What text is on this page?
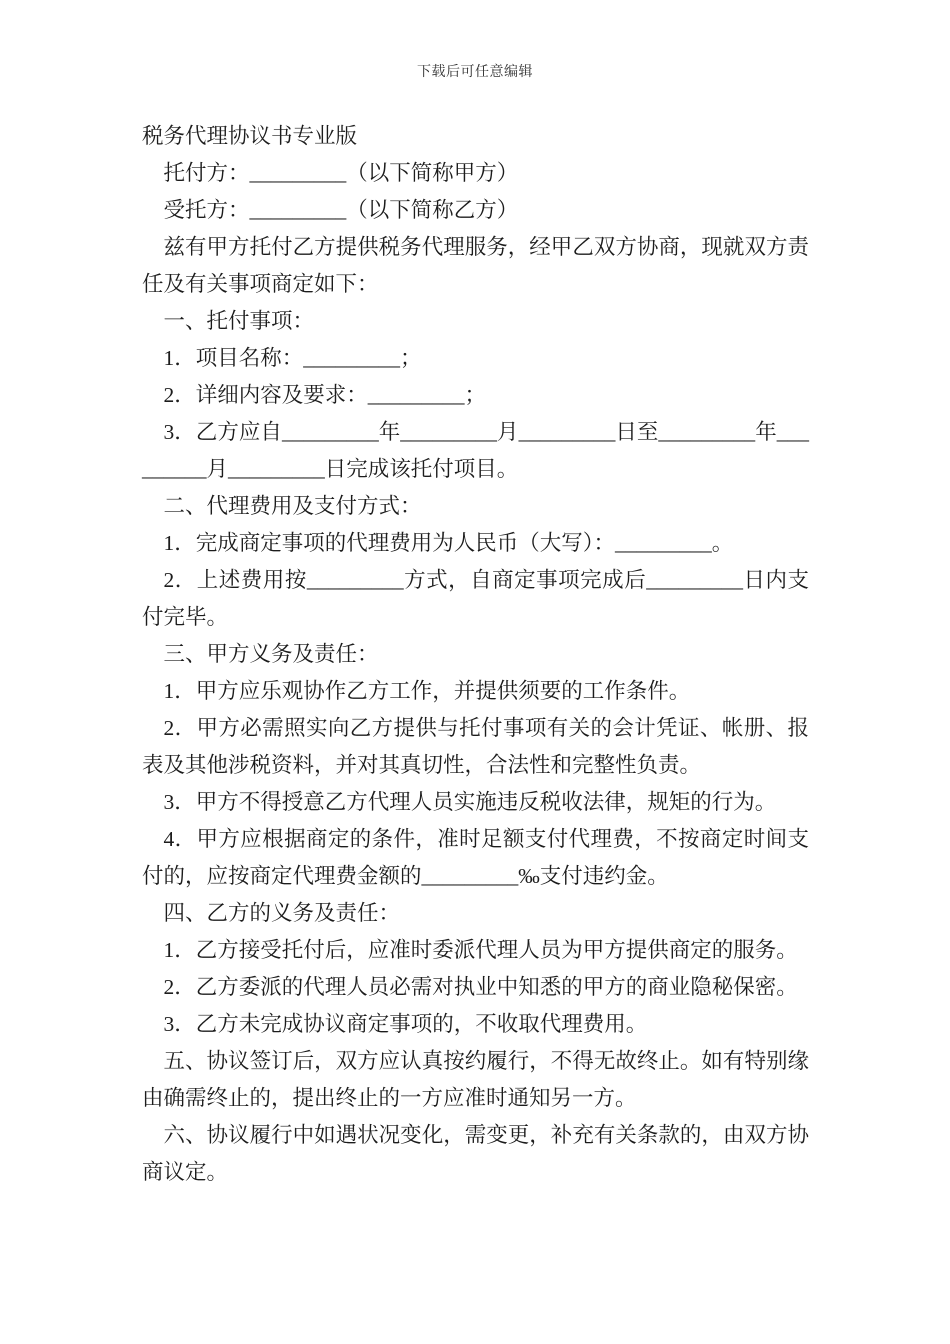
下载后可任意编辑
税务代理协议书专业版

托付方：_________（以下简称甲方）

受托方：_________（以下简称乙方）

兹有甲方托付乙方提供税务代理服务，经甲乙双方协商，现就双方责任及有关事项商定如下：

一、托付事项：

1．项目名称：_________；

2．详细内容及要求：_________；

3．乙方应自_________年_________月_________日至_________年_________月_________日完成该托付项目。

二、代理费用及支付方式：

1．完成商定事项的代理费用为人民币（大写）：_________。

2．上述费用按_________方式，自商定事项完成后_________日内支付完毕。

三、甲方义务及责任：

1．甲方应乐观协作乙方工作，并提供须要的工作条件。

2．甲方必需照实向乙方提供与托付事项有关的会计凭证、帐册、报表及其他涉税资料，并对其真切性，合法性和完整性负责。

3．甲方不得授意乙方代理人员实施违反税收法律，规矩的行为。

4．甲方应根据商定的条件，准时足额支付代理费，不按商定时间支付的，应按商定代理费金额的_________‰支付违约金。

四、乙方的义务及责任：

1．乙方接受托付后，应准时委派代理人员为甲方提供商定的服务。

2．乙方委派的代理人员必需对执业中知悉的甲方的商业隐秘保密。

3．乙方未完成协议商定事项的，不收取代理费用。

五、协议签订后，双方应认真按约履行，不得无故终止。如有特别缘由确需终止的，提出终止的一方应准时通知另一方。

六、协议履行中如遇状况变化，需变更，补充有关条款的，由双方协商议定。
